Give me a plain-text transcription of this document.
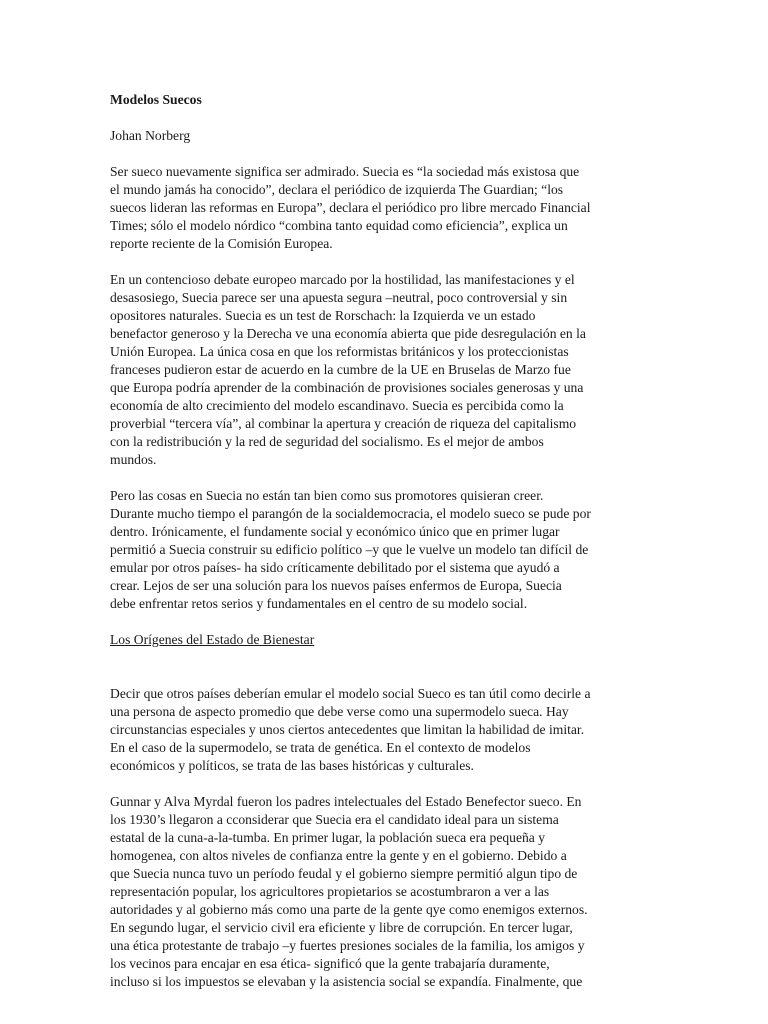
Modelos Suecos
Johan Norberg
Ser sueco nuevamente significa ser admirado. Suecia es “la sociedad más existosa que
el mundo jamás ha conocido”, declara el periódico de izquierda The Guardian; “los
suecos lideran las reformas en Europa”, declara el periódico pro libre mercado Financial
Times; sólo el modelo nórdico “combina tanto equidad como eficiencia”, explica un
reporte reciente de la Comisión Europea.
En un contencioso debate europeo marcado por la hostilidad, las manifestaciones y el
desasosiego, Suecia parece ser una apuesta segura –neutral, poco controversial y sin
opositores naturales. Suecia es un test de Rorschach: la Izquierda ve un estado
benefactor generoso y la Derecha ve una economía abierta que pide desregulación en la
Unión Europea. La única cosa en que los reformistas británicos y los proteccionistas
franceses pudieron estar de acuerdo en la cumbre de la UE en Bruselas de Marzo fue
que Europa podría aprender de la combinación de provisiones sociales generosas y una
economía de alto crecimiento del modelo escandinavo. Suecia es percibida como la
proverbial “tercera vía”, al combinar la apertura y creación de riqueza del capitalismo
con la redistribución y la red de seguridad del socialismo. Es el mejor de ambos
mundos.
Pero las cosas en Suecia no están tan bien como sus promotores quisieran creer.
Durante mucho tiempo el parangón de la socialdemocracia, el modelo sueco se pude por
dentro. Irónicamente, el fundamente social y económico único que en primer lugar
permitió a Suecia construir su edificio político –y que le vuelve un modelo tan difícil de
emular por otros países- ha sido críticamente debilitado por el sistema que ayudó a
crear. Lejos de ser una solución para los nuevos países enfermos de Europa, Suecia
debe enfrentar retos serios y fundamentales en el centro de su modelo social.
Los Orígenes del Estado de Bienestar
Decir que otros países deberían emular el modelo social Sueco es tan útil como decirle a
una persona de aspecto promedio que debe verse como una supermodelo sueca. Hay
circunstancias especiales y unos ciertos antecedentes que limitan la habilidad de imitar.
En el caso de la supermodelo, se trata de genética. En el contexto de modelos
económicos y políticos, se trata de las bases históricas y culturales.
Gunnar y Alva Myrdal fueron los padres intelectuales del Estado Benefector sueco. En
los 1930’s llegaron a cconsiderar que Suecia era el candidato ideal para un sistema
estatal de la cuna-a-la-tumba. En primer lugar, la población sueca era pequeña y
homogenea, con altos niveles de confianza entre la gente y en el gobierno. Debido a
que Suecia nunca tuvo un período feudal y el gobierno siempre permitió algun tipo de
representación popular, los agricultores propietarios se acostumbraron a ver a las
autoridades y al gobierno más como una parte de la gente qye como enemigos externos.
En segundo lugar, el servicio civil era eficiente y libre de corrupción. En tercer lugar,
una ética protestante de trabajo –y fuertes presiones sociales de la familia, los amigos y
los vecinos para encajar en esa ética- significó que la gente trabajaría duramente,
incluso si los impuestos se elevaban y la asistencia social se expandía. Finalmente, que
